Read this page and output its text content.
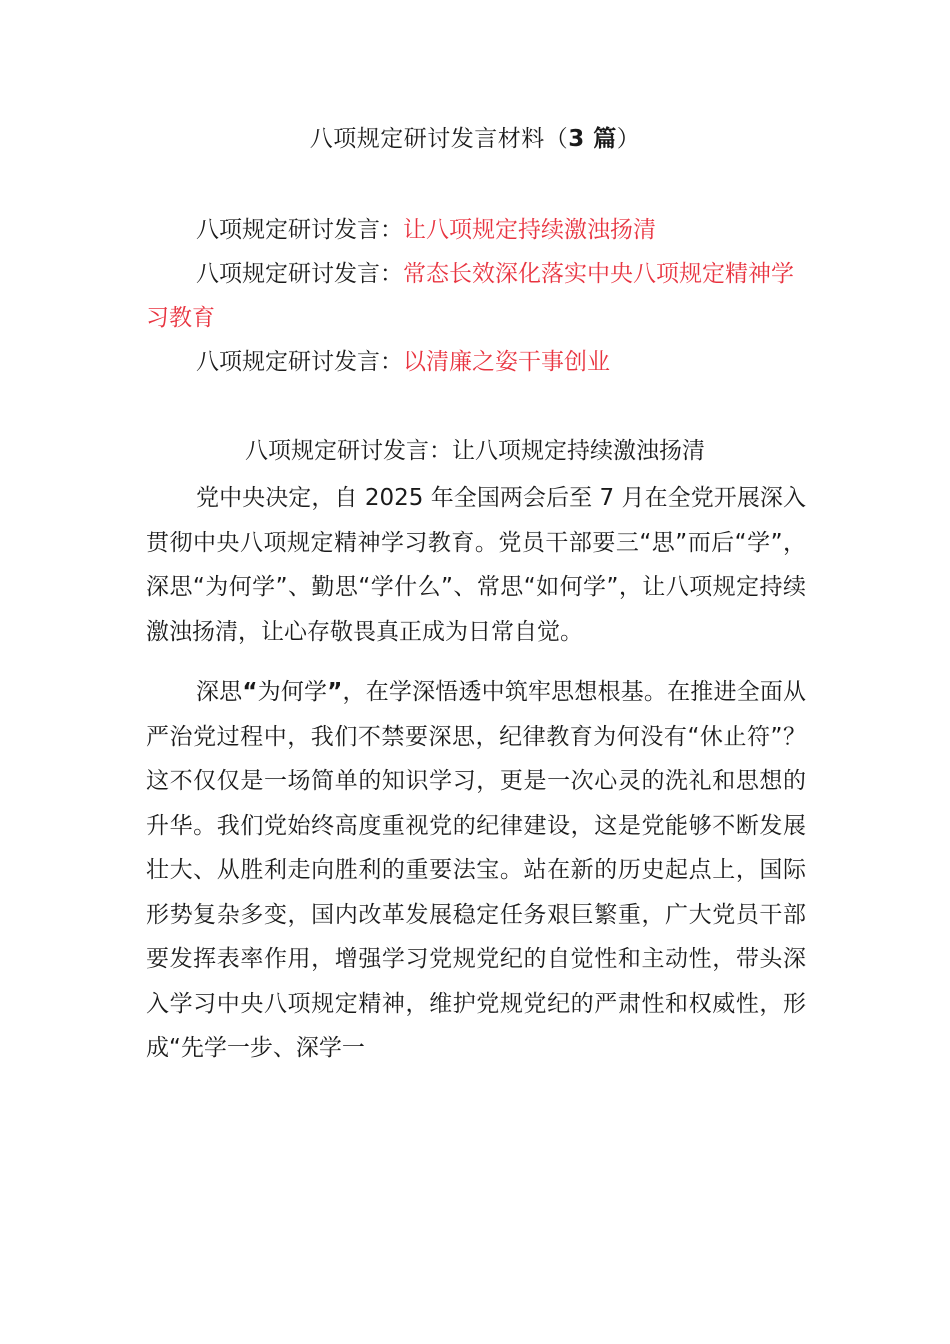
八项规定研讨发言材料（3 篇）

八项规定研讨发言：让八项规定持续激浊扬清

八项规定研讨发言：常态长效深化落实中央八项规定精神学习教育

八项规定研讨发言：以清廉之姿干事创业

八项规定研讨发言：让八项规定持续激浊扬清

党中央决定，自 2025 年全国两会后至 7 月在全党开展深入贯彻中央八项规定精神学习教育。党员干部要三“思”而后“学”，深思“为何学”、勤思“学什么”、常思“如何学”，让八项规定持续激浊扬清，让心存敬畏真正成为日常自觉。

深思“为何学”，在学深悟透中筑牢思想根基。在推进全面从严治党过程中，我们不禁要深思，纪律教育为何没有“休止符”？这不仅仅是一场简单的知识学习，更是一次心灵的洗礼和思想的升华。我们党始终高度重视党的纪律建设，这是党能够不断发展壮大、从胜利走向胜利的重要法宝。站在新的历史起点上，国际形势复杂多变，国内改革发展稳定任务艰巨繁重，广大党员干部要发挥表率作用，增强学习党规党纪的自觉性和主动性，带头深入学习中央八项规定精神，维护党规党纪的严肃性和权威性，形成“先学一步、深学一
